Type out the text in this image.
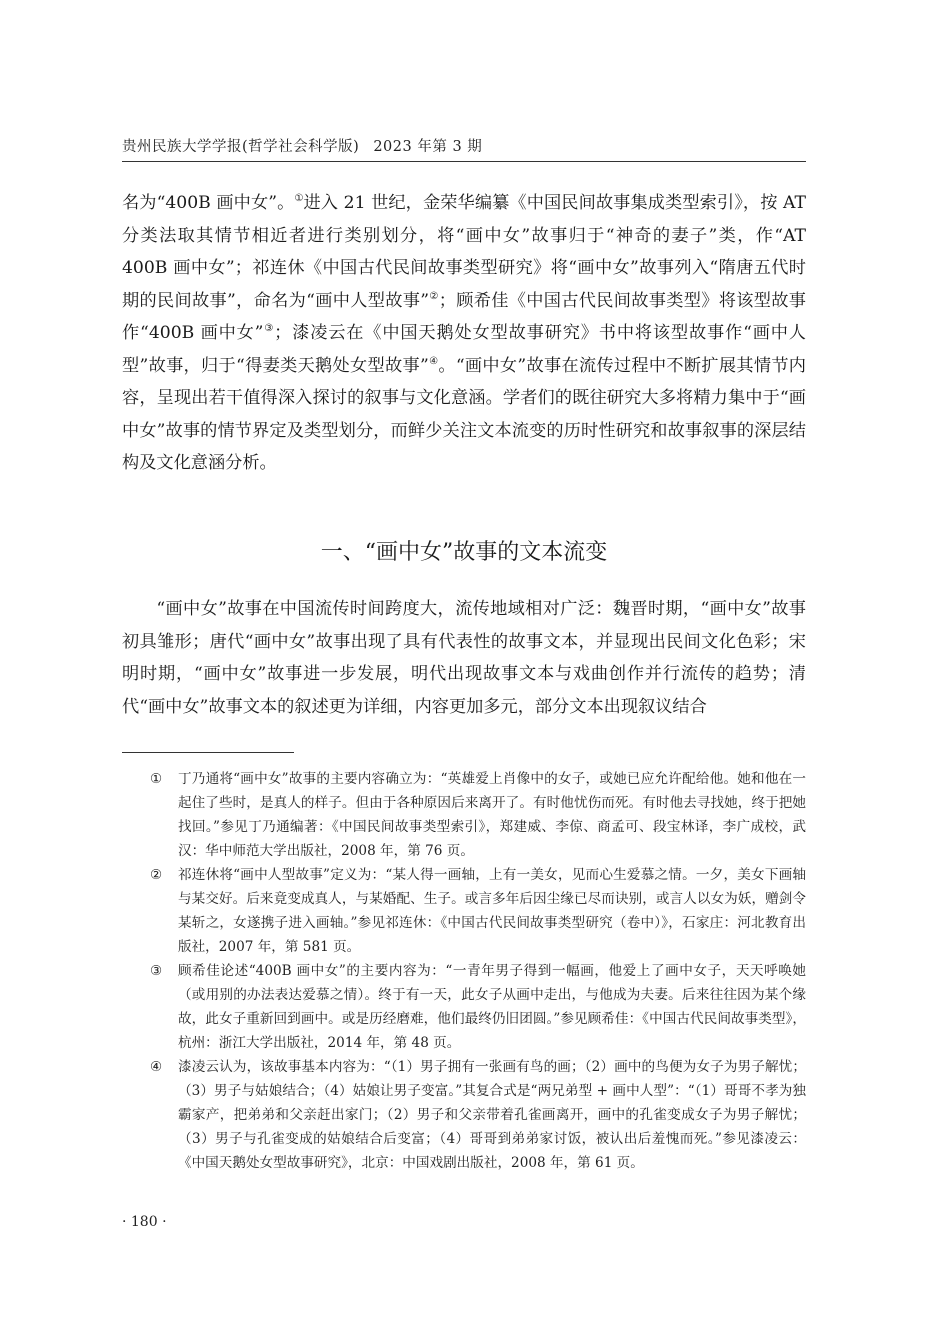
贵州民族大学学报(哲学社会科学版) 2023 年第 3 期

名为“400B 画中女”。①进入 21 世纪，金荣华编纂《中国民间故事集成类型索引》，按 AT 分类法取其情节相近者进行类别划分，将“画中女”故事归于“神奇的妻子”类，作“AT 400B 画中女”；祁连休《中国古代民间故事类型研究》将“画中女”故事列入“隋唐五代时期的民间故事”，命名为“画中人型故事”②；顾希佳《中国古代民间故事类型》将该型故事作“400B 画中女”③；漆凌云在《中国天鹅处女型故事研究》书中将该型故事作“画中人型”故事，归于“得妻类天鹅处女型故事”④。“画中女”故事在流传过程中不断扩展其情节内容，呈现出若干值得深入探讨的叙事与文化意涵。学者们的既往研究大多将精力集中于“画中女”故事的情节界定及类型划分，而鲜少关注文本流变的历时性研究和故事叙事的深层结构及文化意涵分析。

一、“画中女”故事的文本流变

“画中女”故事在中国流传时间跨度大，流传地域相对广泛：魏晋时期，“画中女”故事初具雏形；唐代“画中女”故事出现了具有代表性的故事文本，并显现出民间文化色彩；宋明时期，“画中女”故事进一步发展，明代出现故事文本与戏曲创作并行流传的趋势；清代“画中女”故事文本的叙述更为详细，内容更加多元，部分文本出现叙议结合

① 丁乃通将“画中女”故事的主要内容确立为：“英雄爱上肖像中的女子，或她已应允许配给他。她和他在一起住了些时，是真人的样子。但由于各种原因后来离开了。有时他忧伤而死。有时他去寻找她，终于把她找回。”参见丁乃通编著：《中国民间故事类型索引》，郑建威、李倞、商孟可、段宝林译，李广成校，武汉：华中师范大学出版社，2008 年，第 76 页。
② 祁连休将“画中人型故事”定义为：“某人得一画轴，上有一美女，见而心生爱慕之情。一夕，美女下画轴与某交好。后来竟变成真人，与某婚配、生子。或言多年后因尘缘已尽而诀别，或言人以女为妖，赠剑令某斩之，女遂携子进入画轴。”参见祁连休：《中国古代民间故事类型研究（卷中）》，石家庄：河北教育出版社，2007 年，第 581 页。
③ 顾希佳论述“400B 画中女”的主要内容为：“一青年男子得到一幅画，他爱上了画中女子，天天呼唤她（或用别的办法表达爱慕之情）。终于有一天，此女子从画中走出，与他成为夫妻。后来往往因为某个缘故，此女子重新回到画中。或是历经磨难，他们最终仍旧团圆。”参见顾希佳：《中国古代民间故事类型》，杭州：浙江大学出版社，2014 年，第 48 页。
④ 漆凌云认为，该故事基本内容为：“（1）男子拥有一张画有鸟的画；（2）画中的鸟便为女子为男子解忧；（3）男子与姑娘结合；（4）姑娘让男子变富。”其复合式是“两兄弟型 + 画中人型”：“（1）哥哥不孝为独霸家产，把弟弟和父亲赶出家门；（2）男子和父亲带着孔雀画离开，画中的孔雀变成女子为男子解忧；（3）男子与孔雀变成的姑娘结合后变富；（4）哥哥到弟弟家讨饭，被认出后羞愧而死。”参见漆凌云：《中国天鹅处女型故事研究》，北京：中国戏剧出版社，2008 年，第 61 页。
· 180 ·
